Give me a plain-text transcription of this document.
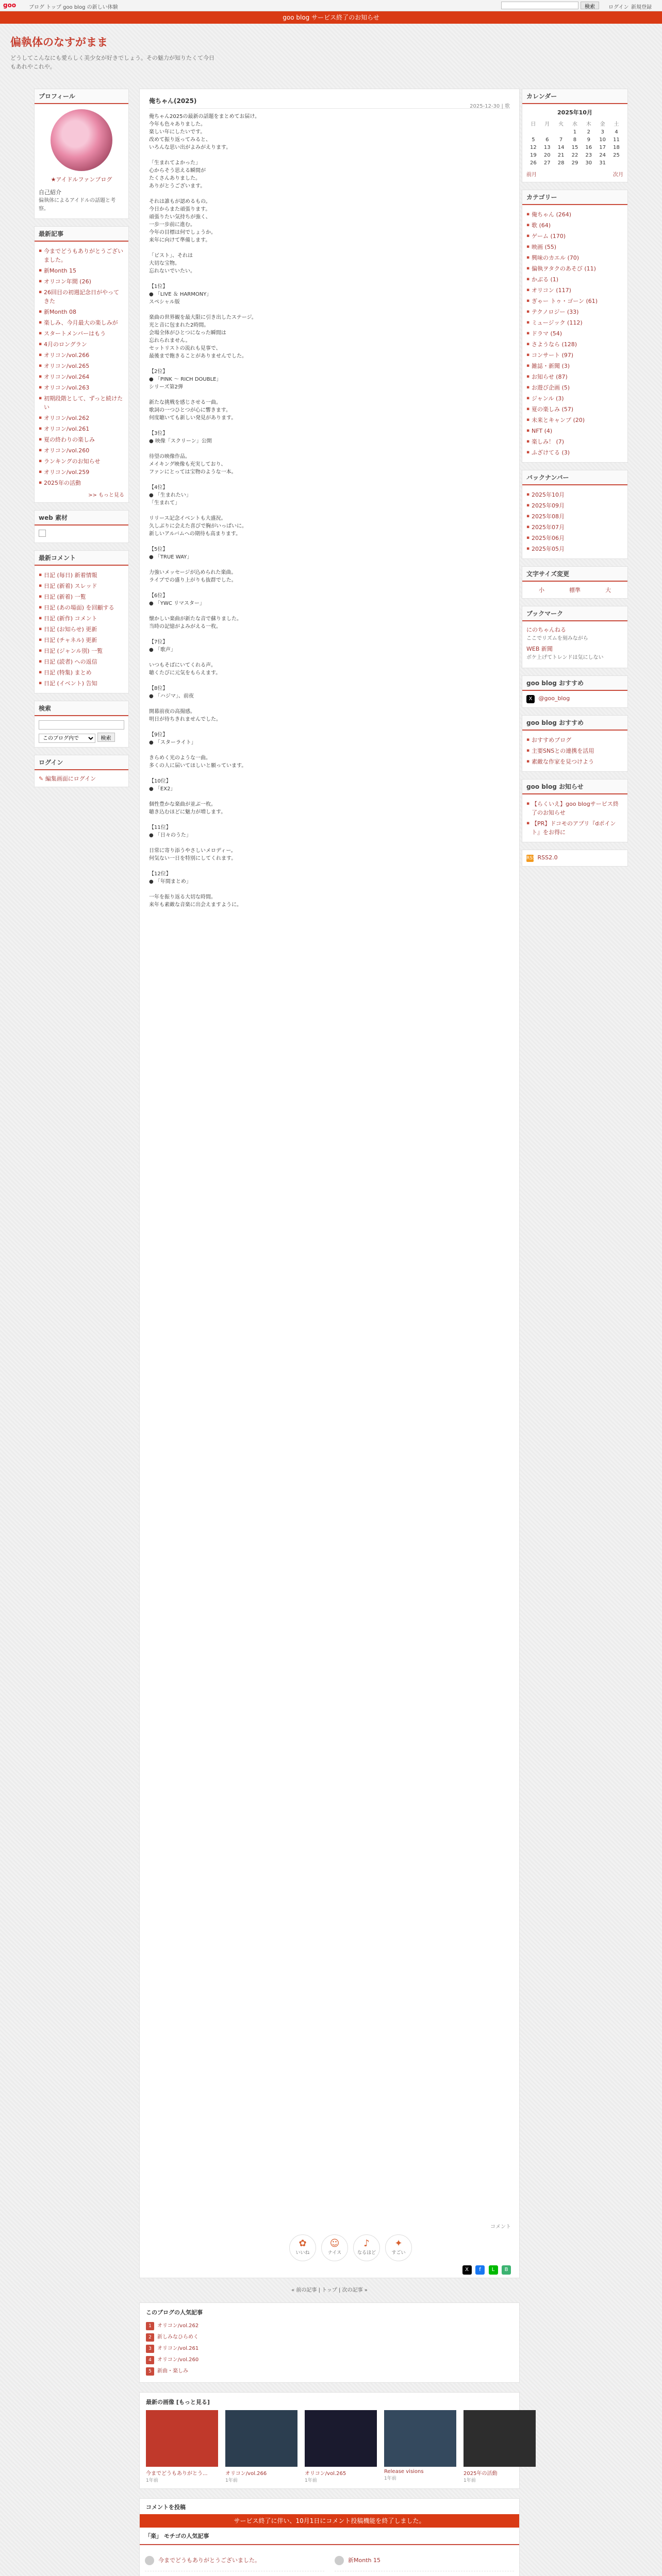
goo ブログ トップ goo blog の新しい体験	検索	ログイン 新規登録
goo blog サービス終了のお知らせ
偏執体のなすがまま
どうしてこんなにも愛らしく美少女が好きでしょう。その魅力が知りたくて今日もあれやこれや。
プロフィール
★アイドルファンブログ
自己紹介
偏執体によるアイドルの話題と考察。
最新記事
▪ 今までどうもありがとうございました。
▪ 新Month 15
▪ オリコン年間 (26)
▪ 26回目の初週記念日がやってきた
▪ 新Month 08
▪ 楽しみ、今月最大の楽しみが
▪ スタートメンバーはもう
▪ 4月のロングラン
▪ オリコン/vol.266
▪ オリコン/vol.265
▪ オリコン/vol.264
▪ オリコン/vol.263
▪ 初期段階として、ずっと続けたい
▪ オリコン/vol.262
▪ オリコン/vol.261
▪ 夏の終わりの楽しみ
▪ オリコン/vol.260
▪ ランキングのお知らせ
▪ オリコン/vol.259
▪ 2025年の活動
>> もっと見る
web 素材
最新コメント
▪ 日記 (毎日) 新着情報
▪ 日記 (新着) スレッド
▪ 日記 (新着) 一覧
▪ 日記 (あの場面) を回顧する
▪ 日記 (新作) コメント
▪ 日記 (お知らせ) 更新
▪ 日記 (チャネル) 更新
▪ 日記 (ジャンル別) 一覧
▪ 日記 (読者) への返信
▪ 日記 (特集) まとめ
▪ 日記 (イベント) 告知
検索
このブログ内で 検索
ログイン
✎ 編集画面にログイン
俺ちゃん(2025)
2025-12-30 | 歌

俺ちゃん2025の最新の話題をまとめてお届け。
今年も色々ありました。
楽しい年にしたいです。
改めて振り返ってみると、
いろんな思い出がよみがえります。

「生まれてよかった」
心からそう思える瞬間が
たくさんありました。
ありがとうございます。

それは誰もが認めるもの。
今日からまた頑張ります。
頑張りたい気持ちが強く、
一歩一歩前に進む。
今年の目標は何でしょうか。
来年に向けて準備します。

「ビスト」、それは
大切な宝物。
忘れないでいたい。

【1位】
● 「LIVE ＆ HARMONY」
スペシャル版

楽曲の世界観を最大限に引き出したステージ。
光と音に包まれた2時間。
会場全体がひとつになった瞬間は
忘れられません。
セットリストの流れも見事で、
最後まで飽きることがありませんでした。

【2位】
● 「PINK ～ RICH DOUBLE」
シリーズ第2弾

新たな挑戦を感じさせる一曲。
歌詞の一つひとつが心に響きます。
何度聴いても新しい発見があります。

【3位】
● 映像「スクリーン」公開

待望の映像作品。
メイキング映像も充実しており、
ファンにとっては宝物のような一本。

【4位】
● 「生まれたい」
「生まれて」

リリース記念イベントも大盛況。
久しぶりに会えた喜びで胸がいっぱいに。
新しいアルバムへの期待も高まります。

【5位】
● 「TRUE WAY」

力強いメッセージが込められた楽曲。
ライブでの盛り上がりも抜群でした。

【6位】
● 「YWC リマスター」

懐かしい楽曲が新たな音で蘇りました。
当時の記憶がよみがえる一枚。

【7位】
● 「歌声」

いつもそばにいてくれる声。
聴くたびに元気をもらえます。

【8位】
● 「ハジマ」、前夜

開幕前夜の高揚感。
明日が待ちきれませんでした。

【9位】
● 「スターライト」

きらめく光のような一曲。
多くの人に届いてほしいと願っています。

【10位】
● 「EX2」

個性豊かな楽曲が並ぶ一枚。
聴き込むほどに魅力が増します。

【11位】
● 「日々のうた」

日常に寄り添うやさしいメロディー。
何気ない一日を特別にしてくれます。

【12位】
● 「年間まとめ」

一年を振り返る大切な時間。
来年も素敵な音楽に出会えますように。

コメント
✿
いいね
☺
ナイス
♪
なるほど
✦
すごい
X f L B
« 前の記事 | トップ | 次の記事 »
このブログの人気記事
1 オリコン/vol.262
2 新しみなひらめく
3 オリコン/vol.261
4 オリコン/vol.260
5 新曲・楽しみ
最新の画像 [もっと見る]
今までどうもありがとう...
1年前
オリコン/vol.266
1年前
オリコン/vol.265
1年前
Release visions
1年前
2025年の活動
1年前
コメントを投稿
サービス終了に伴い、10月1日にコメント投稿機能を終了しました。
「楽」 モチゴの人気記事
今までどうもありがとうございました。	新Month 15
カレンダー
2025年10月
日	月	火	水	木	金	土
			1	2	3	4
5	6	7	8	9	10	11
12	13	14	15	16	17	18
19	20	21	22	23	24	25
26	27	28	29	30	31	
前月	次月
カテゴリー
▪ 俺ちゃん (264)
▪ 歌 (64)
▪ ゲーム (170)
▪ 映画 (55)
▪ 興味のカエル (70)
▪ 偏執ヲタクのあそび (11)
▪ かぶる (1)
▪ オリコン (117)
▪ ぎゃー トゥ・ゴーン (61)
▪ テクノロジー (33)
▪ ミュージック (112)
▪ ドラマ (54)
▪ さようなら (128)
▪ コンサート (97)
▪ 雑誌・新聞 (3)
▪ お知らせ (87)
▪ お遊び企画 (5)
▪ ジャンル (3)
▪ 夏の楽しみ (57)
▪ 未来とキャンプ (20)
▪ NFT (4)
▪ 楽しみ！ (7)
▪ ふざけてる (3)
バックナンバー
▪ 2025年10月
▪ 2025年09月
▪ 2025年08月
▪ 2025年07月
▪ 2025年06月
▪ 2025年05月
文字サイズ変更
小	標準	大
ブックマーク
にのちゃんねる
ここでリズムを刻みながら
WEB 新聞
ボケ上げてトレンドは気にしない
goo blog おすすめ
X @goo_blog
goo blog おすすめ
▪ おすすめブログ
▪ 主要SNSとの連携を活用
▪ 素敵な作家を見つけよう
goo blog お知らせ
▪ 【らくいえ】goo blogサービス終了のお知らせ
▪ 【PR】ドコモのアプリ『dポイント』をお得に
RSS RSS2.0
